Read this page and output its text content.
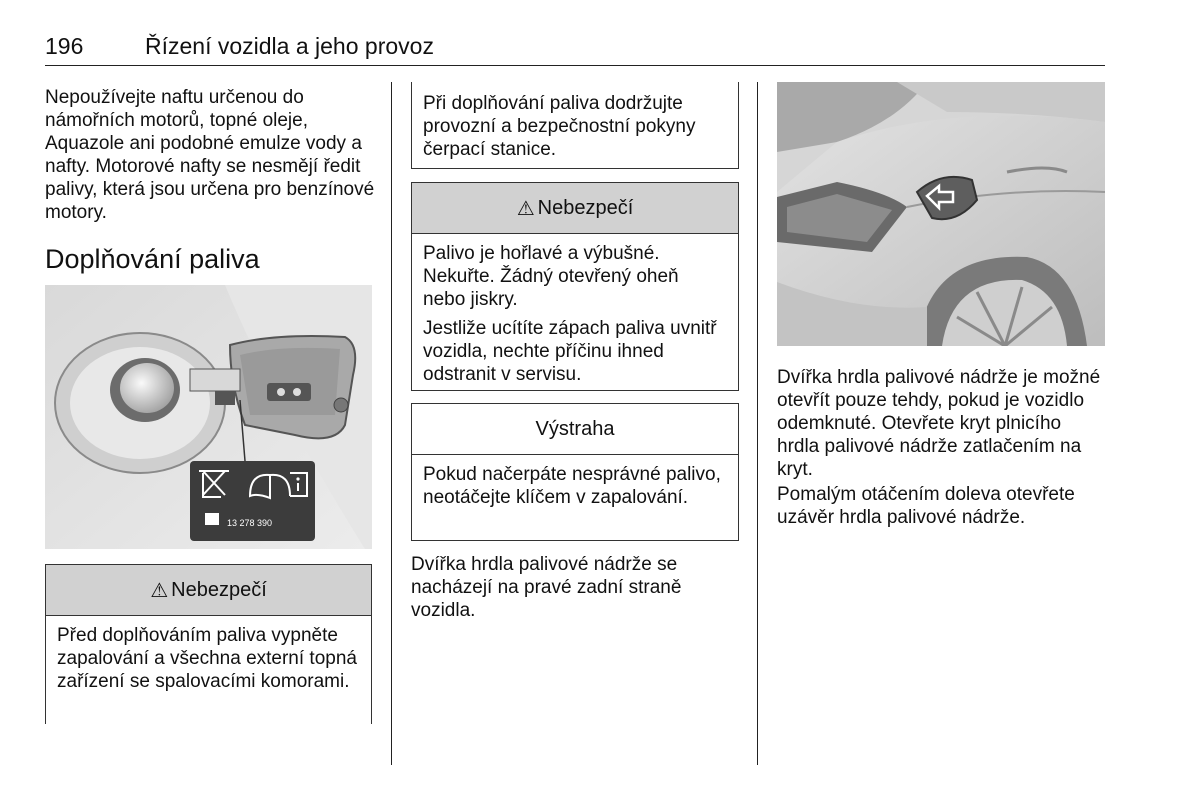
196	Řízení vozidla a jeho provoz

Nepoužívejte naftu určenou do námořních motorů, topné oleje, Aquazole ani podobné emulze vody a nafty. Motorové nafty se nesmějí ředit palivy, která jsou určena pro benzínové motory.

Doplňování paliva
13 278 390
⚠ Nebezpečí

Před doplňováním paliva vypněte zapalování a všechna externí topná zařízení se spalovacími komorami.

Při doplňování paliva dodržujte provozní a bezpečnostní pokyny čerpací stanice.

⚠ Nebezpečí

Palivo je hořlavé a výbušné. Nekuřte. Žádný otevřený oheň nebo jiskry.

Jestliže ucítíte zápach paliva uvnitř vozidla, nechte příčinu ihned odstranit v servisu.

Výstraha

Pokud načerpáte nesprávné palivo, neotáčejte klíčem v zapalování.

Dvířka hrdla palivové nádrže se nacházejí na pravé zadní straně vozidla.

Dvířka hrdla palivové nádrže je možné otevřít pouze tehdy, pokud je vozidlo odemknuté. Otevřete kryt plnicího hrdla palivové nádrže zatlačením na kryt.

Pomalým otáčením doleva otevřete uzávěr hrdla palivové nádrže.
